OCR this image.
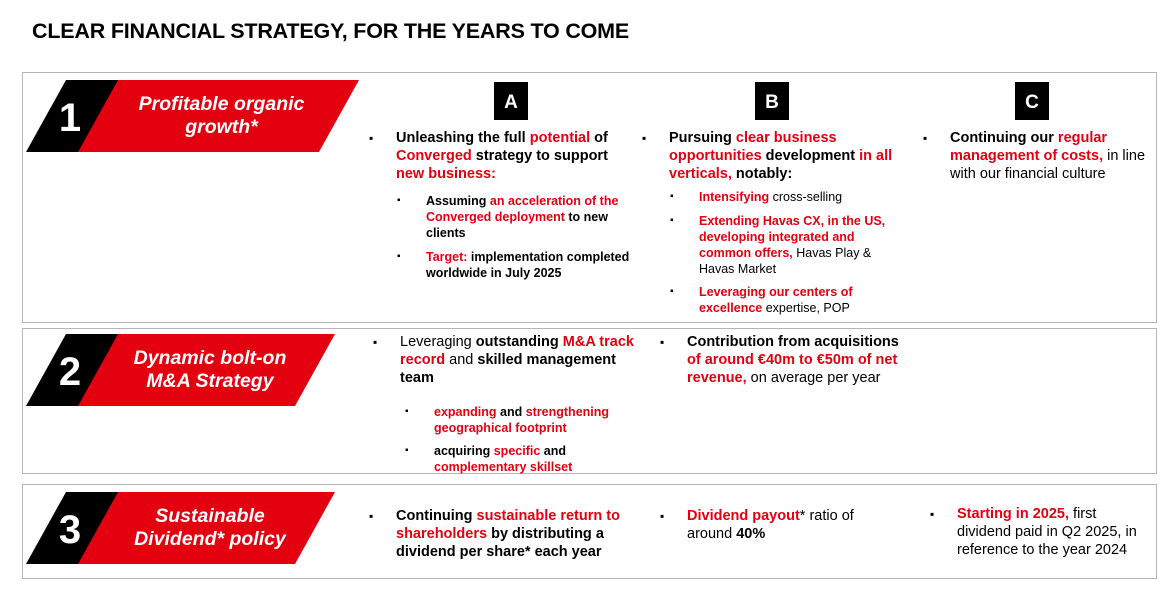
CLEAR FINANCIAL STRATEGY, FOR THE YEARS TO COME
1	Profitable organic
growth*
A	B	C
▪ Unleashing the full potential of Converged strategy to support new business:
▪ Assuming an acceleration of the Converged deployment to new clients
▪ Target: implementation completed worldwide in July 2025
▪ Pursuing clear business opportunities development in all verticals, notably:
▪ Intensifying cross-selling
▪ Extending Havas CX, in the US, developing integrated and common offers, Havas Play & Havas Market
▪ Leveraging our centers of excellence expertise, POP
▪ Continuing our regular management of costs, in line with our financial culture
2	Dynamic bolt-on
M&A Strategy
▪ Leveraging outstanding M&A track record and skilled management team
▪ expanding and strengthening geographical footprint
▪ acquiring specific and complementary skillset
▪ Contribution from acquisitions of around €40m to €50m of net revenue, on average per year
3	Sustainable
Dividend* policy
▪ Continuing sustainable return to shareholders by distributing a dividend per share* each year
▪ Dividend payout* ratio of around 40%
▪ Starting in 2025, first dividend paid in Q2 2025, in reference to the year 2024
